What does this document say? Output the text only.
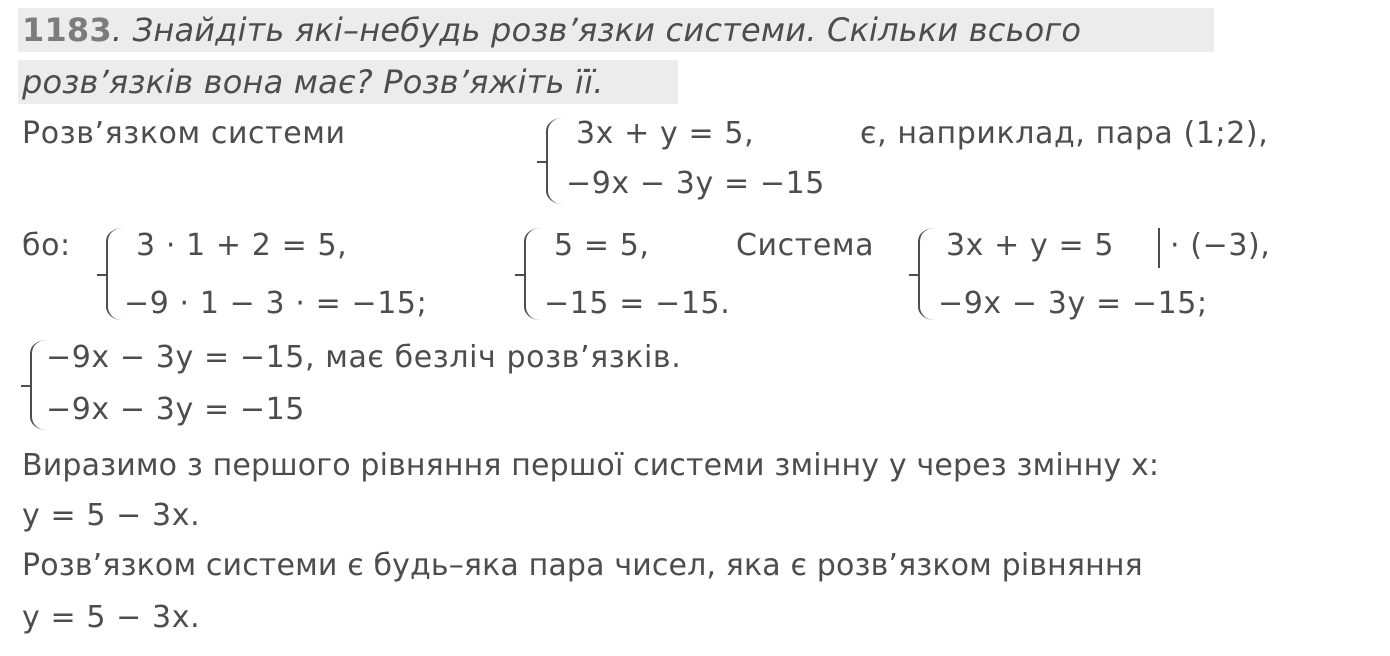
1183. Знайдіть які–небудь розв’язки системи. Скільки всього
розв’язків вона має? Розв’яжіть її.
Розв’язком системи	3x + y = 5,
−9x − 3y = −15
є, наприклад, пара (1;2),
бо: 3 · 1 + 2 = 5,
−9 · 1 − 3 · = −15;
5 = 5,
−15 = −15.
Система 3x + y = 5 · (−3),
−9x − 3y = −15;
−9x − 3y = −15, має безліч розв’язків.
−9x − 3y = −15
Виразимо з першого рівняння першої системи змінну у через змінну х:
y = 5 − 3x.
Розв’язком системи є будь–яка пара чисел, яка є розв’язком рівняння
y = 5 − 3x.
